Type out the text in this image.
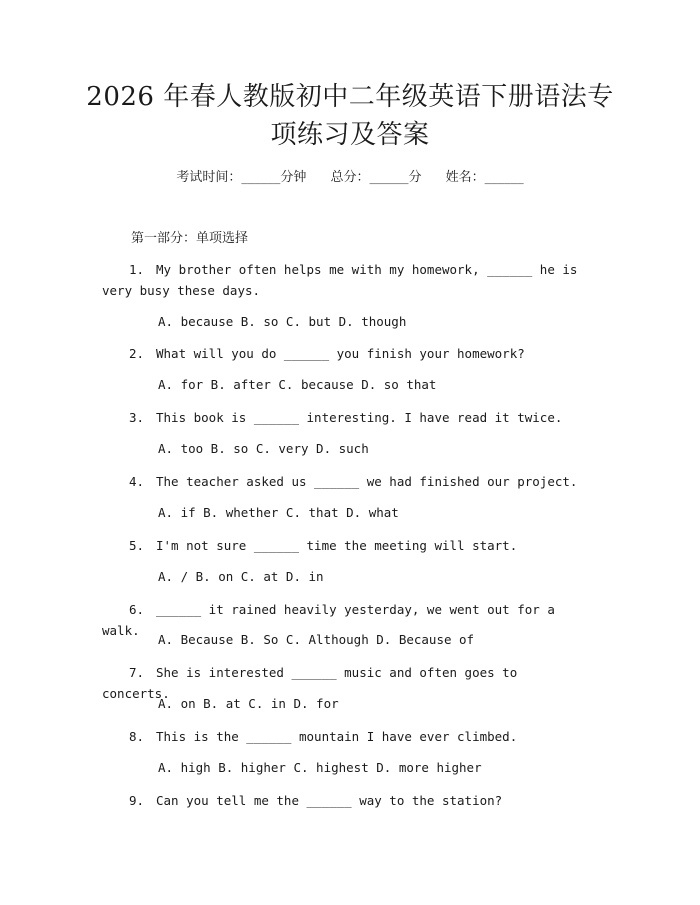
2026 年春人教版初中二年级英语下册语法专
项练习及答案
考试时间：______分钟 总分：______分 姓名：______
第一部分：单项选择
1. My brother often helps me with my homework, ______ he is very busy these days.
A. because B. so C. but D. though
2. What will you do ______ you finish your homework?
A. for B. after C. because D. so that
3. This book is ______ interesting. I have read it twice.
A. too B. so C. very D. such
4. The teacher asked us ______ we had finished our project.
A. if B. whether C. that D. what
5. I'm not sure ______ time the meeting will start.
A. / B. on C. at D. in
6. ______ it rained heavily yesterday, we went out for a walk.
A. Because B. So C. Although D. Because of
7. She is interested ______ music and often goes to concerts.
A. on B. at C. in D. for
8. This is the ______ mountain I have ever climbed.
A. high B. higher C. highest D. more higher
9. Can you tell me the ______ way to the station?
